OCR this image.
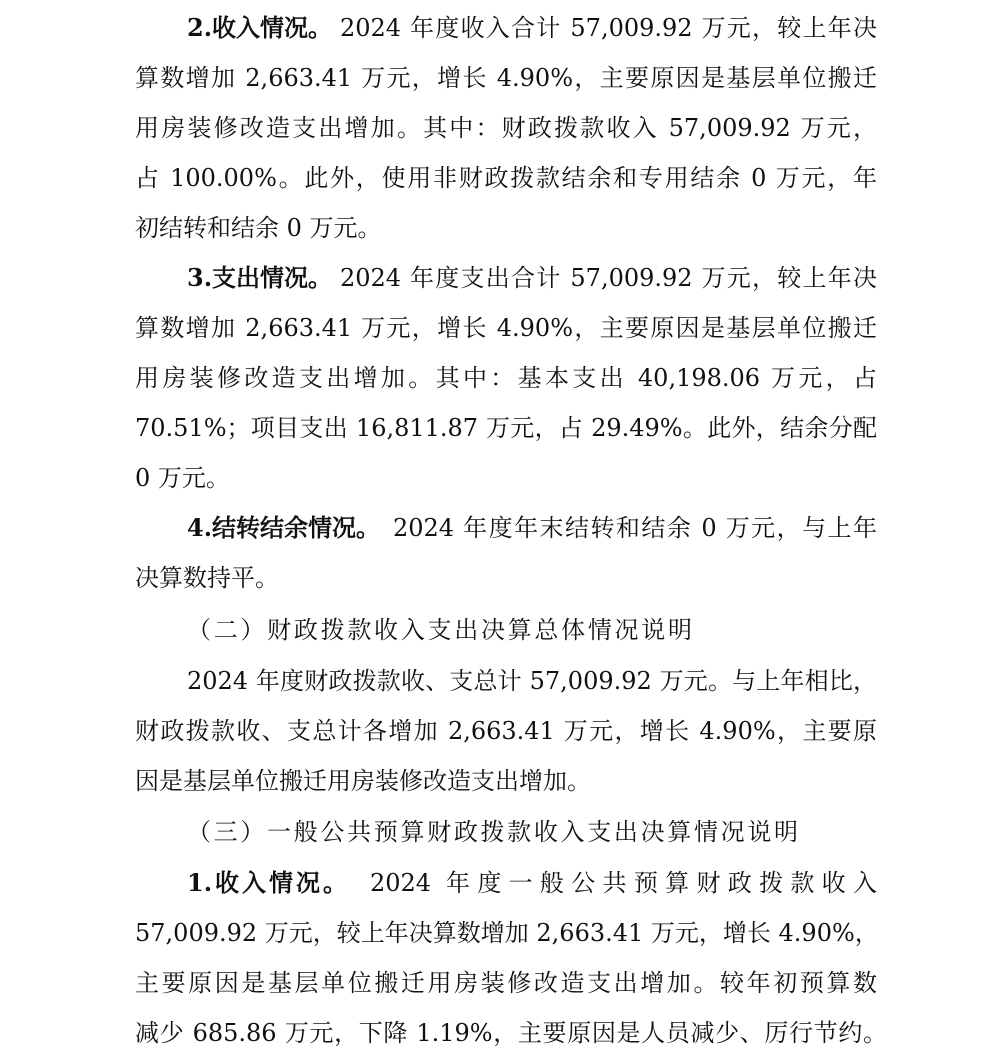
2.收入情况。 2024 年度收入合计 57,009.92 万元，较上年决
算数增加 2,663.41 万元，增长 4.90%，主要原因是基层单位搬迁
用房装修改造支出增加。其中：财政拨款收入 57,009.92 万元，
占 100.00%。此外，使用非财政拨款结余和专用结余 0 万元，年
初结转和结余 0 万元。
3.支出情况。 2024 年度支出合计 57,009.92 万元，较上年决
算数增加 2,663.41 万元，增长 4.90%，主要原因是基层单位搬迁
用房装修改造支出增加。其中：基本支出 40,198.06 万元，占
70.51%；项目支出 16,811.87 万元，占 29.49%。此外，结余分配
0 万元。
4.结转结余情况。 2024 年度年末结转和结余 0 万元，与上年
决算数持平。
（二）财政拨款收入支出决算总体情况说明
2024 年度财政拨款收、支总计 57,009.92 万元。与上年相比，
财政拨款收、支总计各增加 2,663.41 万元，增长 4.90%，主要原
因是基层单位搬迁用房装修改造支出增加。
（三）一般公共预算财政拨款收入支出决算情况说明
1.收入情况。 2024 年度一般公共预算财政拨款收入
57,009.92 万元，较上年决算数增加 2,663.41 万元，增长 4.90%，
主要原因是基层单位搬迁用房装修改造支出增加。较年初预算数
减少 685.86 万元，下降 1.19%，主要原因是人员减少、厉行节约。
